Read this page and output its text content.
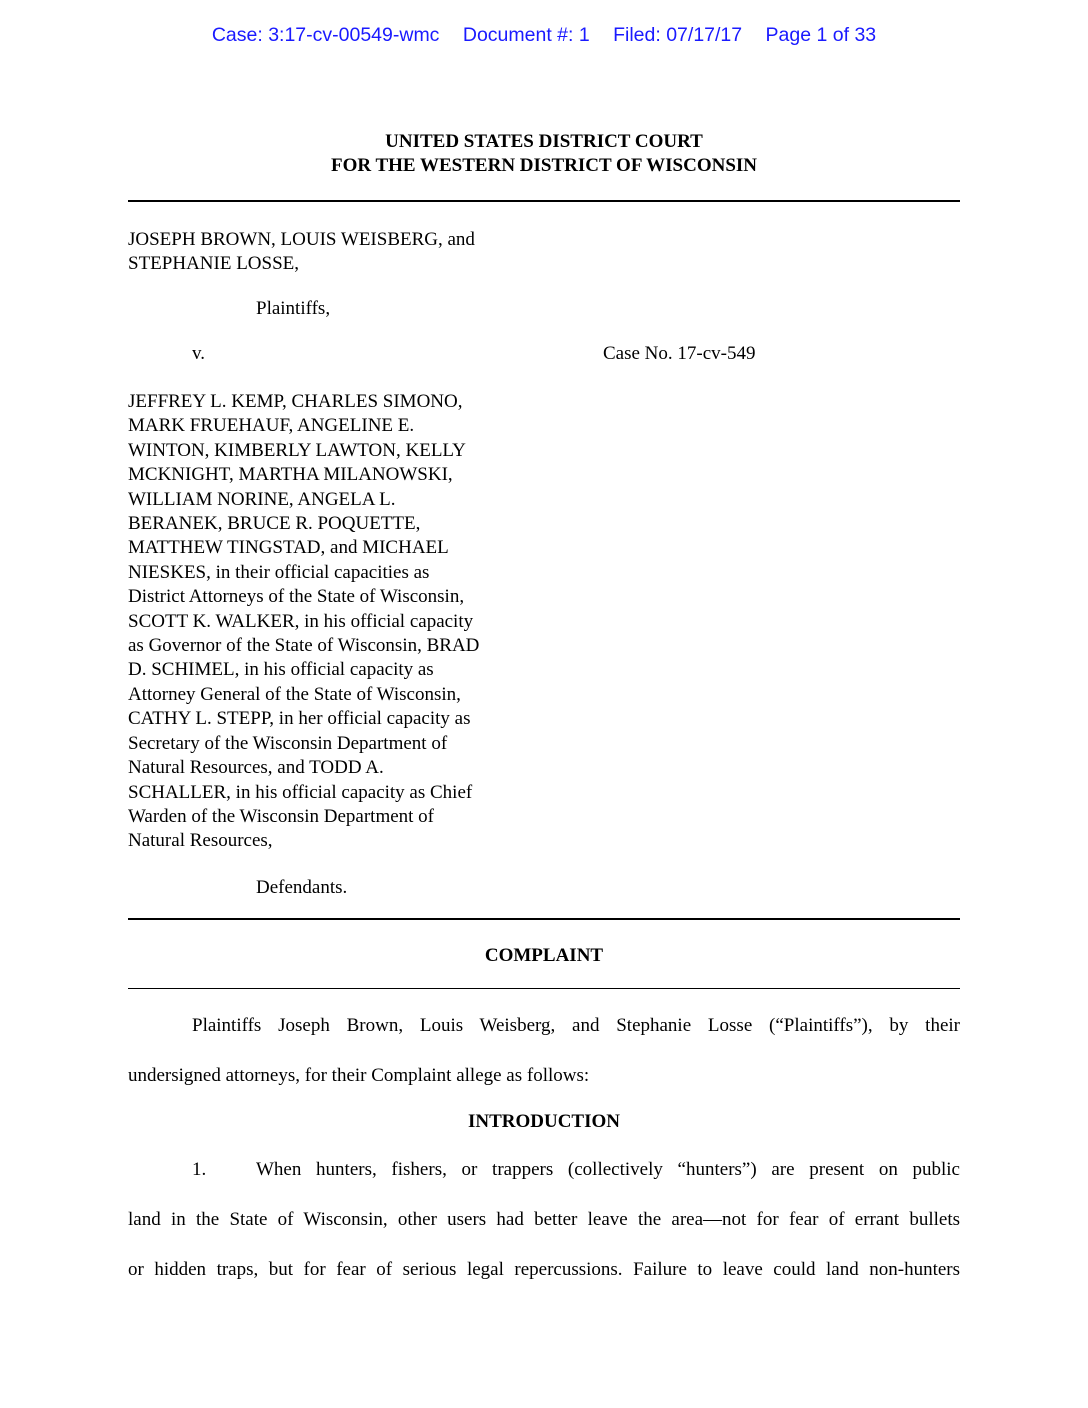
Case: 3:17-cv-00549-wmc Document #: 1 Filed: 07/17/17 Page 1 of 33
UNITED STATES DISTRICT COURT
FOR THE WESTERN DISTRICT OF WISCONSIN
JOSEPH BROWN, LOUIS WEISBERG, and
STEPHANIE LOSSE,
Plaintiffs,
v.	Case No. 17-cv-549
JEFFREY L. KEMP, CHARLES SIMONO,
MARK FRUEHAUF, ANGELINE E.
WINTON, KIMBERLY LAWTON, KELLY
MCKNIGHT, MARTHA MILANOWSKI,
WILLIAM NORINE, ANGELA L.
BERANEK, BRUCE R. POQUETTE,
MATTHEW TINGSTAD, and MICHAEL
NIESKES, in their official capacities as
District Attorneys of the State of Wisconsin,
SCOTT K. WALKER, in his official capacity
as Governor of the State of Wisconsin, BRAD
D. SCHIMEL, in his official capacity as
Attorney General of the State of Wisconsin,
CATHY L. STEPP, in her official capacity as
Secretary of the Wisconsin Department of
Natural Resources, and TODD A.
SCHALLER, in his official capacity as Chief
Warden of the Wisconsin Department of
Natural Resources,
Defendants.
COMPLAINT
Plaintiffs Joseph Brown, Louis Weisberg, and Stephanie Losse (“Plaintiffs”), by their
undersigned attorneys, for their Complaint allege as follows:
INTRODUCTION
1.	When hunters, fishers, or trappers (collectively “hunters”) are present on public
land in the State of Wisconsin, other users had better leave the area—not for fear of errant bullets
or hidden traps, but for fear of serious legal repercussions. Failure to leave could land non-hunters
